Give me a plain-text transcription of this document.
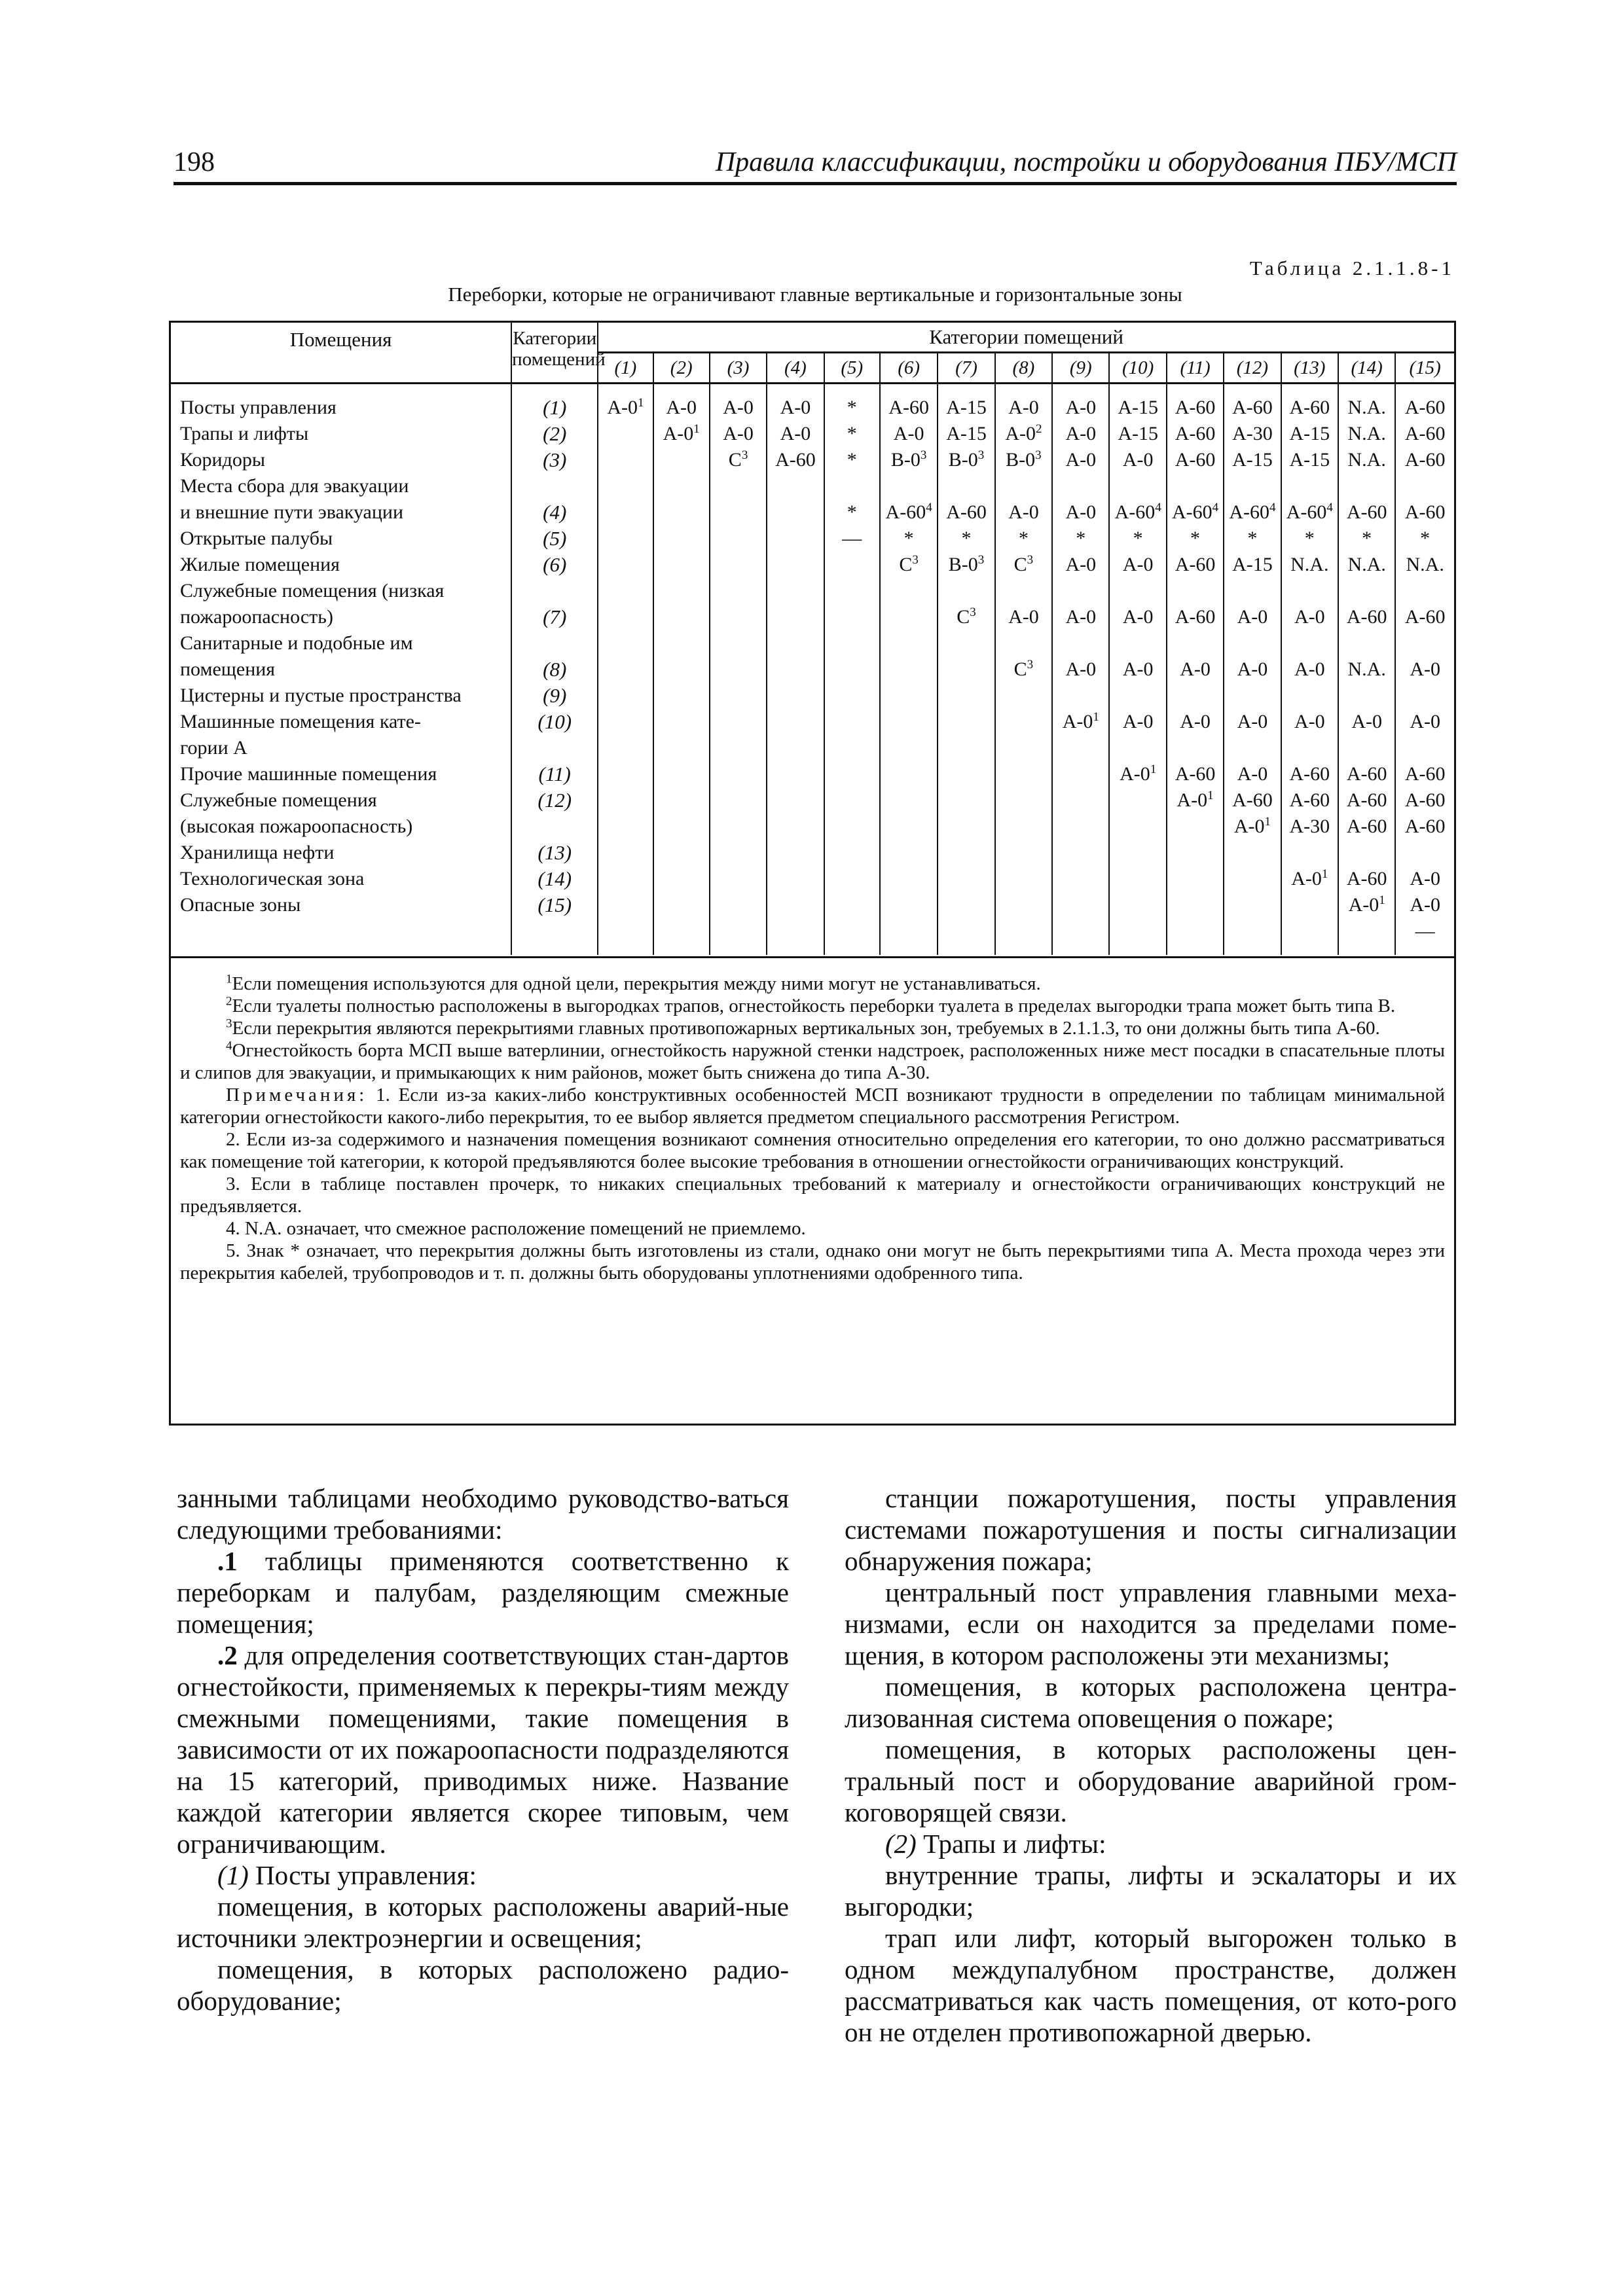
198	Правила классификации, постройки и оборудования ПБУ/МСП
Таблица 2.1.1.8-1
Переборки, которые не ограничивают главные вертикальные и горизонтальные зоны
Помещения	Категории помещений	Категории помещений														
		(1)	(2)	(3)	(4)	(5)	(6)	(7)	(8)	(9)	(10)	(11)	(12)	(13)	(14)	(15)
Посты управления	(1)	$A-0^1$	A-0	A-0	A-0	*	A-60	A-15	A-0	A-0	A-15	A-60	A-60	A-60	N.A.	A-60
Трапы и лифты	(2)		$A-0^1$	A-0	A-0	*	A-0	A-15	$A-0^2$	A-0	A-15	A-60	A-30	A-15	N.A.	A-60
Коридоры	(3)			$C^3$	A-60	*	$B-0^3$	$B-0^3$	$B-0^3$	A-0	A-0	A-60	A-15	A-15	N.A.	A-60
Места сбора для эвакуации																
и внешние пути эвакуации	(4)					*	$A-60^4$	A-60	A-0	A-0	$A-60^4$	$A-60^4$	$A-60^4$	$A-60^4$	A-60	A-60
Открытые палубы	(5)					—	*	*	*	*	*	*	*	*	*	*
Жилые помещения	(6)						$C^3$	$B-0^3$	$C^3$	A-0	A-0	A-60	A-15	N.A.	N.A.	N.A.
Служебные помещения (низкая																
пожароопасность)	(7)							$C^3$	A-0	A-0	A-0	A-60	A-0	A-0	A-60	A-60
Санитарные и подобные им																
помещения	(8)								$C^3$	A-0	A-0	A-0	A-0	A-0	N.A.	A-0
Цистерны и пустые пространства	(9)															
Машинные помещения кате-	(10)									$A-0^1$	A-0	A-0	A-0	A-0	A-0	A-0
гории А																
Прочие машинные помещения	(11)										$A-0^1$	A-60	A-0	A-60	A-60	A-60
Служебные помещения	(12)											$A-0^1$	A-60	A-60	A-60	A-60
(высокая пожароопасность)													$A-0^1$	A-30	A-60	A-60
Хранилища нефти	(13)															
Технологическая зона	(14)													$A-0^1$	A-60	A-0
Опасные зоны	(15)														$A-0^1$	A-0
																—

$^1$Если помещения используются для одной цели, перекрытия между ними могут не устанавливаться.

$^2$Если туалеты полностью расположены в выгородках трапов, огнестойкость переборки туалета в пределах выгородки трапа может быть типа В.

$^3$Если перекрытия являются перекрытиями главных противопожарных вертикальных зон, требуемых в 2.1.1.3, то они должны быть типа А-60.

$^4$Огнестойкость борта МСП выше ватерлинии, огнестойкость наружной стенки надстроек, расположенных ниже мест посадки в спасательные плоты и слипов для эвакуации, и примыкающих к ним районов, может быть снижена до типа А-30.

Примечания: 1. Если из-за каких-либо конструктивных особенностей МСП возникают трудности в определении по таблицам минимальной категории огнестойкости какого-либо перекрытия, то ее выбор является предметом специального рассмотрения Регистром.

2. Если из-за содержимого и назначения помещения возникают сомнения относительно определения его категории, то оно должно рассматриваться как помещение той категории, к которой предъявляются более высокие требования в отношении огнестойкости ограничивающих конструкций.

3. Если в таблице поставлен прочерк, то никаких специальных требований к материалу и огнестойкости ограничивающих конструкций не предъявляется.

4. N.A. означает, что смежное расположение помещений не приемлемо.

5. Знак * означает, что перекрытия должны быть изготовлены из стали, однако они могут не быть перекрытиями типа А. Места прохода через эти перекрытия кабелей, трубопроводов и т. п. должны быть оборудованы уплотнениями одобренного типа.

занными таблицами необходимо руководство-ваться следующими требованиями:

.1 таблицы применяются соответственно к переборкам и палубам, разделяющим смежные помещения;

.2 для определения соответствующих стан-дартов огнестойкости, применяемых к перекры-тиям между смежными помещениями, такие помещения в зависимости от их пожароопасности подразделяются на 15 категорий, приводимых ниже. Название каждой категории является скорее типовым, чем ограничивающим.

(1) Посты управления:

помещения, в которых расположены аварий-ные источники электроэнергии и освещения;

помещения, в которых расположено радио-оборудование;

станции пожаротушения, посты управления системами пожаротушения и посты сигнализации обнаружения пожара;

центральный пост управления главными меха-низмами, если он находится за пределами поме-щения, в котором расположены эти механизмы;

помещения, в которых расположена центра-лизованная система оповещения о пожаре;

помещения, в которых расположены цен-тральный пост и оборудование аварийной гром-коговорящей связи.

(2) Трапы и лифты:

внутренние трапы, лифты и эскалаторы и их выгородки;

трап или лифт, который выгорожен только в одном междупалубном пространстве, должен рассматриваться как часть помещения, от кото-рого он не отделен противопожарной дверью.
